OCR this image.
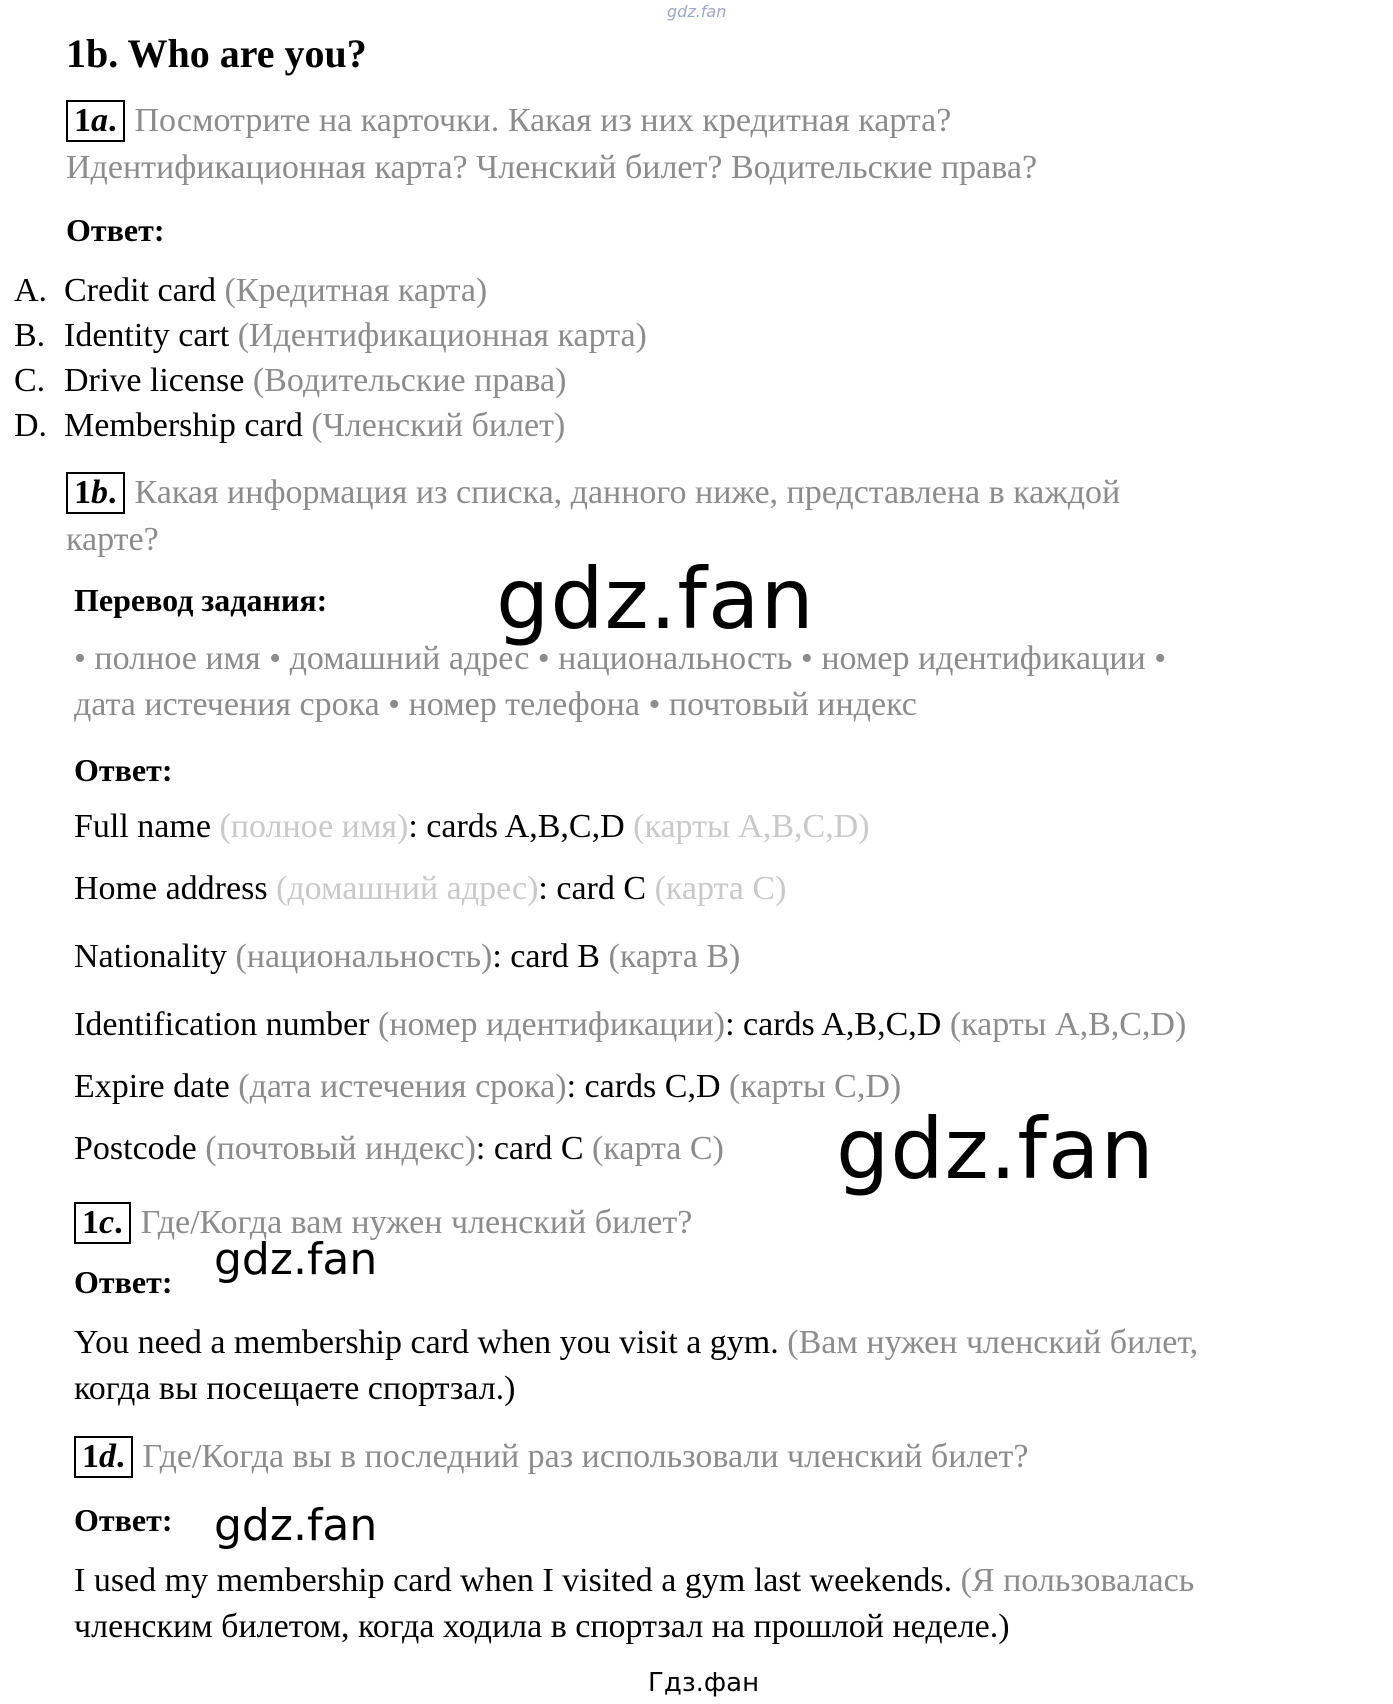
gdz.fan
1b. Who are you?
1a. Посмотрите на карточки. Какая из них кредитная карта?
Идентификационная карта? Членский билет? Водительские права?
Ответ:
A. Credit card (Кредитная карта)
B. Identity cart (Идентификационная карта)
C. Drive license (Водительские права)
D. Membership card (Членский билет)
1b. Какая информация из списка, данного ниже, представлена в каждой
карте?
Перевод задания: gdz.fan
• полное имя • домашний адрес • национальность • номер идентификации •
дата истечения срока • номер телефона • почтовый индекс
Ответ:
Full name (полное имя): cards A,B,C,D (карты A,B,C,D)
Home address (домашний адрес): card C (карта C)
Nationality (национальность): card B (карта B)
Identification number (номер идентификации): cards A,B,C,D (карты A,B,C,D)
Expire date (дата истечения срока): cards C,D (карты C,D)
Postcode (почтовый индекс): card C (карта C) gdz.fan
1c. Где/Когда вам нужен членский билет?
Ответ: gdz.fan
You need a membership card when you visit a gym. (Вам нужен членский билет,
когда вы посещаете спортзал.)
1d. Где/Когда вы в последний раз использовали членский билет?
Ответ: gdz.fan
I used my membership card when I visited a gym last weekends. (Я пользовалась
членским билетом, когда ходила в спортзал на прошлой неделе.)
Гдз.фан
